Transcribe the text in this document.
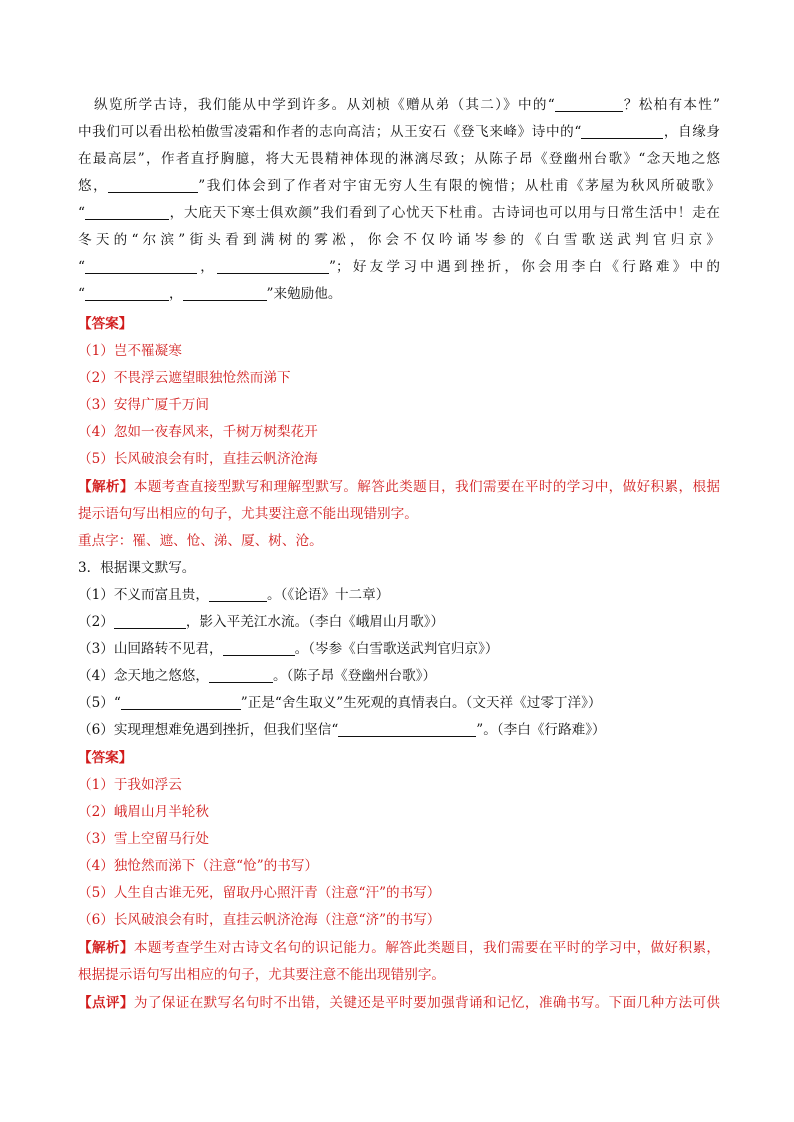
纵览所学古诗，我们能从中学到许多。从刘桢《赠从弟（其二）》中的“	？松柏有本性”
中我们可以看出松柏傲雪凌霜和作者的志向高洁；从王安石《登飞来峰》诗中的“	，自缘身
在最高层”，作者直抒胸臆，将大无畏精神体现的淋漓尽致；从陈子昂《登幽州台歌》“念天地之悠
悠，	”我们体会到了作者对宇宙无穷人生有限的惋惜；从杜甫《茅屋为秋风所破歌》
“	，大庇天下寒士俱欢颜”我们看到了心忧天下杜甫。古诗词也可以用与日常生活中！走在
冬天的“尔滨”街头看到满树的雾凇，你会不仅吟诵岑参的《白雪歌送武判官归京》
“	，	”；好友学习中遇到挫折，你会用李白《行路难》中的
“	，	”来勉励他。
【答案】
（1）岂不罹凝寒
（2）不畏浮云遮望眼独怆然而涕下
（3）安得广厦千万间
（4）忽如一夜春风来，千树万树梨花开
（5）长风破浪会有时，直挂云帆济沧海
【解析】本题考查直接型默写和理解型默写。解答此类题目，我们需要在平时的学习中，做好积累，根据
提示语句写出相应的句子，尤其要注意不能出现错别字。
重点字：罹、遮、怆、涕、厦、树、沧。
3．根据课文默写。
（1）不义而富且贵，	。（《论语》十二章）
（2）	，影入平羌江水流。（李白《峨眉山月歌》）
（3）山回路转不见君，	。（岑参《白雪歌送武判官归京》）
（4）念天地之悠悠，	。（陈子昂《登幽州台歌》）
（5）“	”正是“舍生取义”生死观的真情表白。（文天祥《过零丁洋》）
（6）实现理想难免遇到挫折，但我们坚信“	”。（李白《行路难》）
【答案】
（1）于我如浮云
（2）峨眉山月半轮秋
（3）雪上空留马行处
（4）独怆然而涕下（注意“怆”的书写）
（5）人生自古谁无死，留取丹心照汗青（注意“汗”的书写）
（6）长风破浪会有时，直挂云帆济沧海（注意“济”的书写）
【解析】本题考查学生对古诗文名句的识记能力。解答此类题目，我们需要在平时的学习中，做好积累，
根据提示语句写出相应的句子，尤其要注意不能出现错别字。
【点评】为了保证在默写名句时不出错，关键还是平时要加强背诵和记忆，准确书写。下面几种方法可供
